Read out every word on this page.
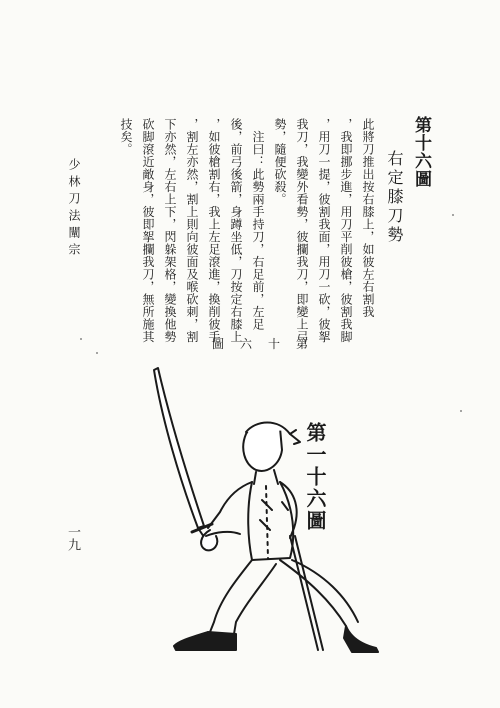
第十六圖
右定膝刀勢
此將刀推出按右膝上，如彼左右割我
，我即挪步進，用刀平削彼槍，彼割我脚
，用刀一提，彼割我面，用刀一砍，彼挐
我刀，我變外看勢，彼攔我刀，即變上弓
勢，隨便砍殺。
　注曰：此勢兩手持刀，右足前，左足
後，前弓後箭，身蹲坐低，刀按定右膝上
，如彼槍割右，我上左足滾進，換削彼手
，割左亦然，割上則向彼面及喉砍刺，割
下亦然，左右上下，閃躲架格，變換他勢
砍脚滾近敵身，彼即挐攔我刀，無所施其
技矣。
少林刀法闡宗
一九
圖六十第
第一十六圖
